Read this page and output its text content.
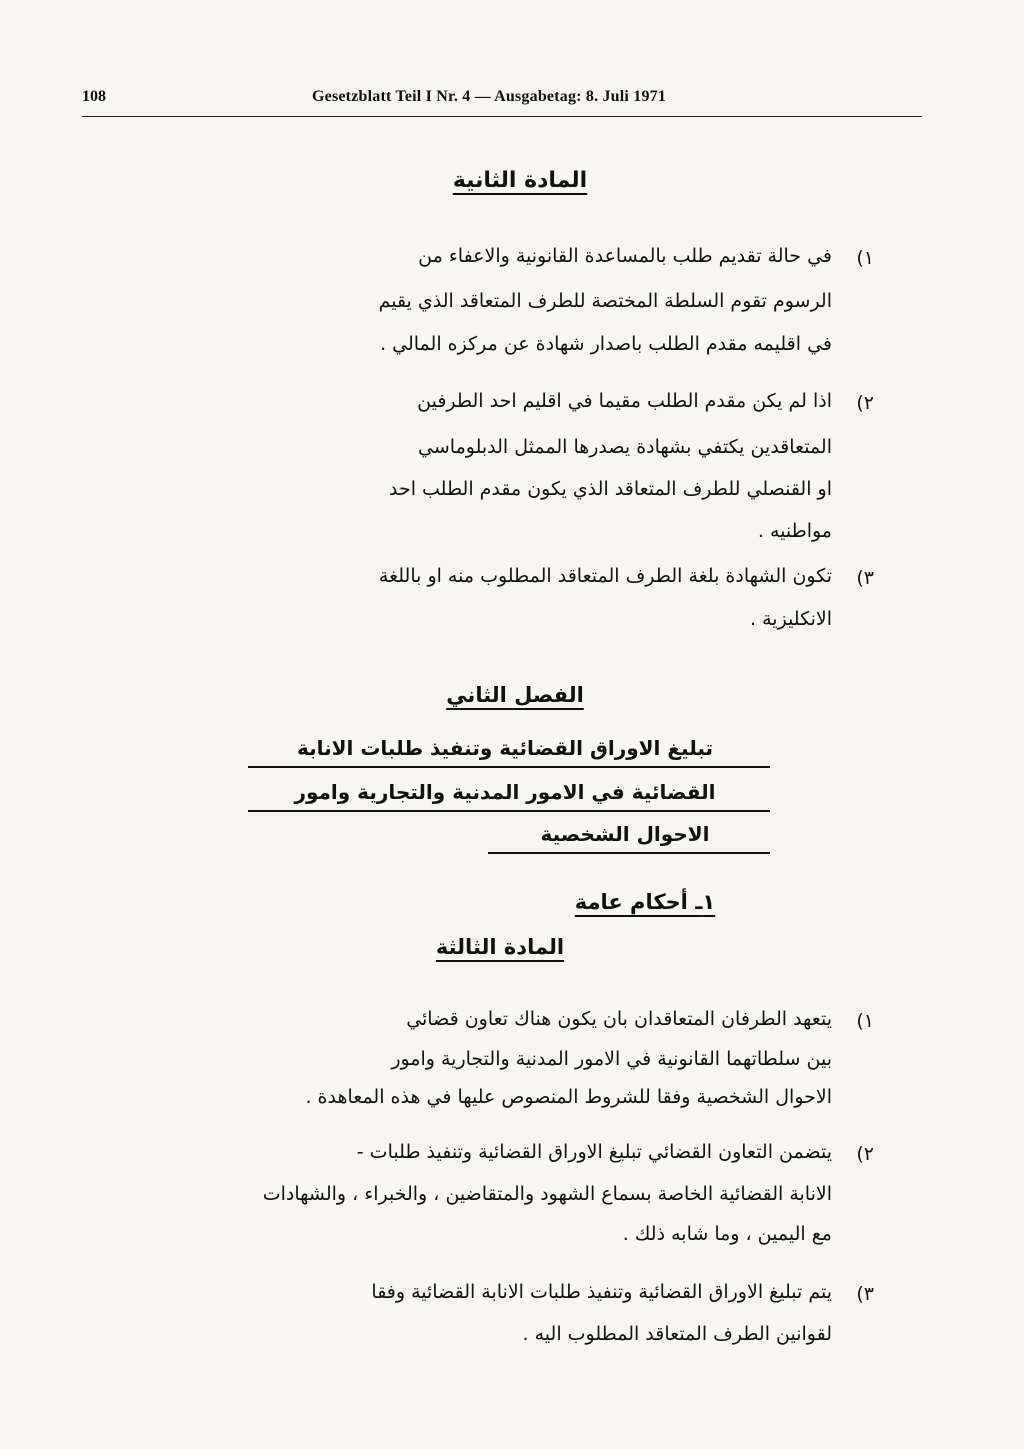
108	Gesetzblatt Teil I Nr. 4 — Ausgabetag: 8. Juli 1971
المادة الثانية
١)
في حالة تقديم طلب بالمساعدة القانونية والاعفاء من
الرسوم تقوم السلطة المختصة للطرف المتعاقد الذي يقيم
في اقليمه مقدم الطلب باصدار شهادة عن مركزه المالي .
٢)
اذا لم يكن مقدم الطلب مقيما في اقليم احد الطرفين
المتعاقدين يكتفي بشهادة يصدرها الممثل الدبلوماسي
او القنصلي للطرف المتعاقد الذي يكون مقدم الطلب احد
مواطنيه .
٣)
تكون الشهادة بلغة الطرف المتعاقد المطلوب منه او باللغة
الانكليزية .
الفصل الثاني
تبليغ الاوراق القضائية وتنفيذ طلبات الانابة
القضائية في الامور المدنية والتجارية وامور
الاحوال الشخصية
١ـ أحكام عامة
المادة الثالثة
١)
يتعهد الطرفان المتعاقدان بان يكون هناك تعاون قضائي
بين سلطاتهما القانونية في الامور المدنية والتجارية وامور
الاحوال الشخصية وفقا للشروط المنصوص عليها في هذه المعاهدة .
٢)
يتضمن التعاون القضائي تبليغ الاوراق القضائية وتنفيذ طلبات -
الانابة القضائية الخاصة بسماع الشهود والمتقاضين ، والخبراء ، والشهادات
مع اليمين ، وما شابه ذلك .
٣)
يتم تبليغ الاوراق القضائية وتنفيذ طلبات الانابة القضائية وفقا
لقوانين الطرف المتعاقد المطلوب اليه .
